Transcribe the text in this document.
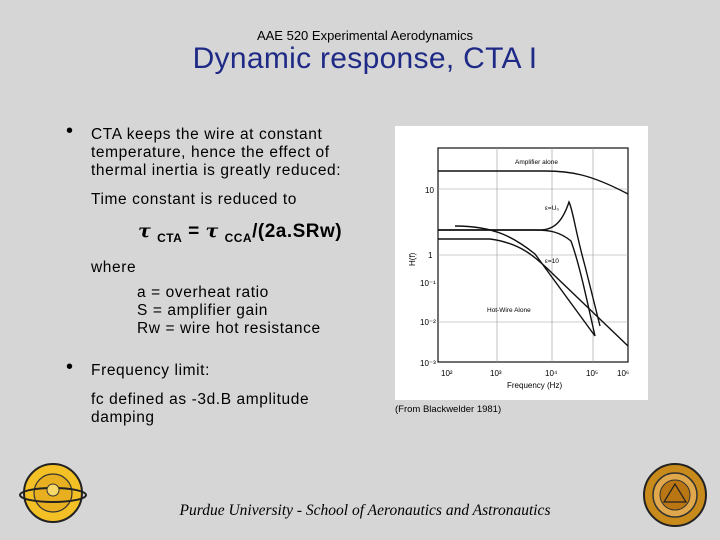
AAE 520 Experimental Aerodynamics
Dynamic response, CTA I
• CTA keeps the wire at constant
temperature, hence the effect of
thermal inertia is greatly reduced:
Time constant is reduced to
τ $_{CTA}$ = τ $_{CCA}$/(2a.SRw)
where
a = overheat ratio
S = amplifier gain
Rw = wire hot resistance
• Frequency limit:
fc defined as -3d.B amplitude
damping
10
1
10⁻¹
10⁻²
10⁻³
10²	10³	10⁴	10⁵ 10⁶
H(f)
Frequency (Hz)
Amplifier alone
ε=U₀
ε=10
Hot-Wire Alone
(From Blackwelder 1981)
Purdue University - School of Aeronautics and Astronautics
